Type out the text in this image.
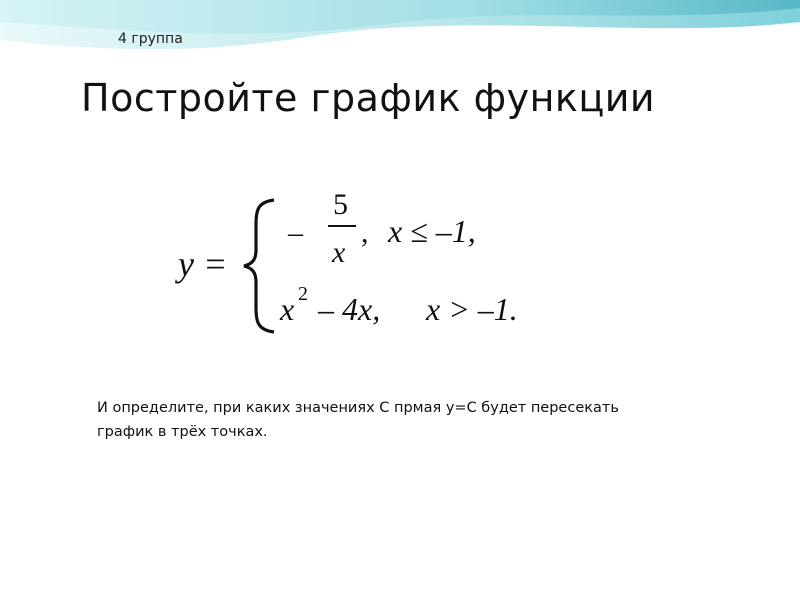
4 группа
Постройте график функции
y =
–
5
x
, x ≤ –1,
x 2 – 4x, x > –1.

И определите, при каких значениях С прмая у=С будет пересекать график в трёх точках.
